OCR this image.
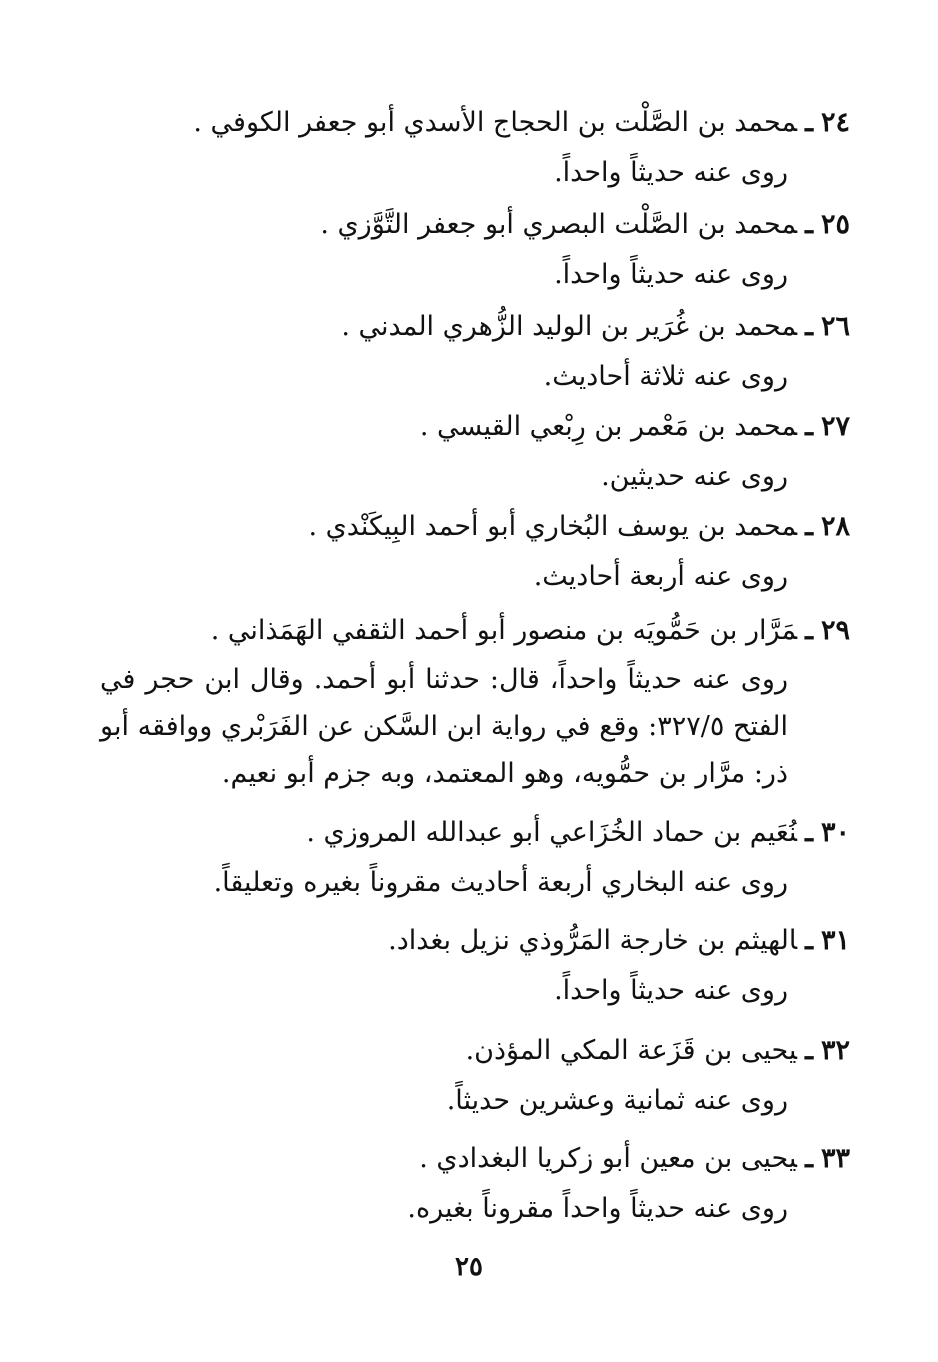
٢٤ـمحمد بن الصَّلْت بن الحجاج الأسدي أبو جعفر الكوفي .
روى عنه حديثاً واحداً.
٢٥ـمحمد بن الصَّلْت البصري أبو جعفر التَّوَّزي .
روى عنه حديثاً واحداً.
٢٦ـمحمد بن غُرَير بن الوليد الزُّهري المدني .
روى عنه ثلاثة أحاديث.
٢٧ـمحمد بن مَعْمر بن رِبْعي القيسي .
روى عنه حديثين.
٢٨ـمحمد بن يوسف البُخاري أبو أحمد البِيكَنْدي .
روى عنه أربعة أحاديث.
٢٩ـمَرَّار بن حَمُّويَه بن منصور أبو أحمد الثقفي الهَمَذاني .
روى عنه حديثاً واحداً، قال: حدثنا أبو أحمد. وقال ابن حجر في الفتح ٣٢٧/٥: وقع في رواية ابن السَّكن عن الفَرَبْري ووافقه أبو ذر: مرَّار بن حمُّويه، وهو المعتمد، وبه جزم أبو نعيم.
٣٠ـنُعَيم بن حماد الخُزَاعي أبو عبدالله المروزي .
روى عنه البخاري أربعة أحاديث مقروناً بغيره وتعليقاً.
٣١ـالهيثم بن خارجة المَرُّوذي نزيل بغداد.
روى عنه حديثاً واحداً.
٣٢ـيحيى بن قَزَعة المكي المؤذن.
روى عنه ثمانية وعشرين حديثاً.
٣٣ـيحيى بن معين أبو زكريا البغدادي .
روى عنه حديثاً واحداً مقروناً بغيره.
٢٥
